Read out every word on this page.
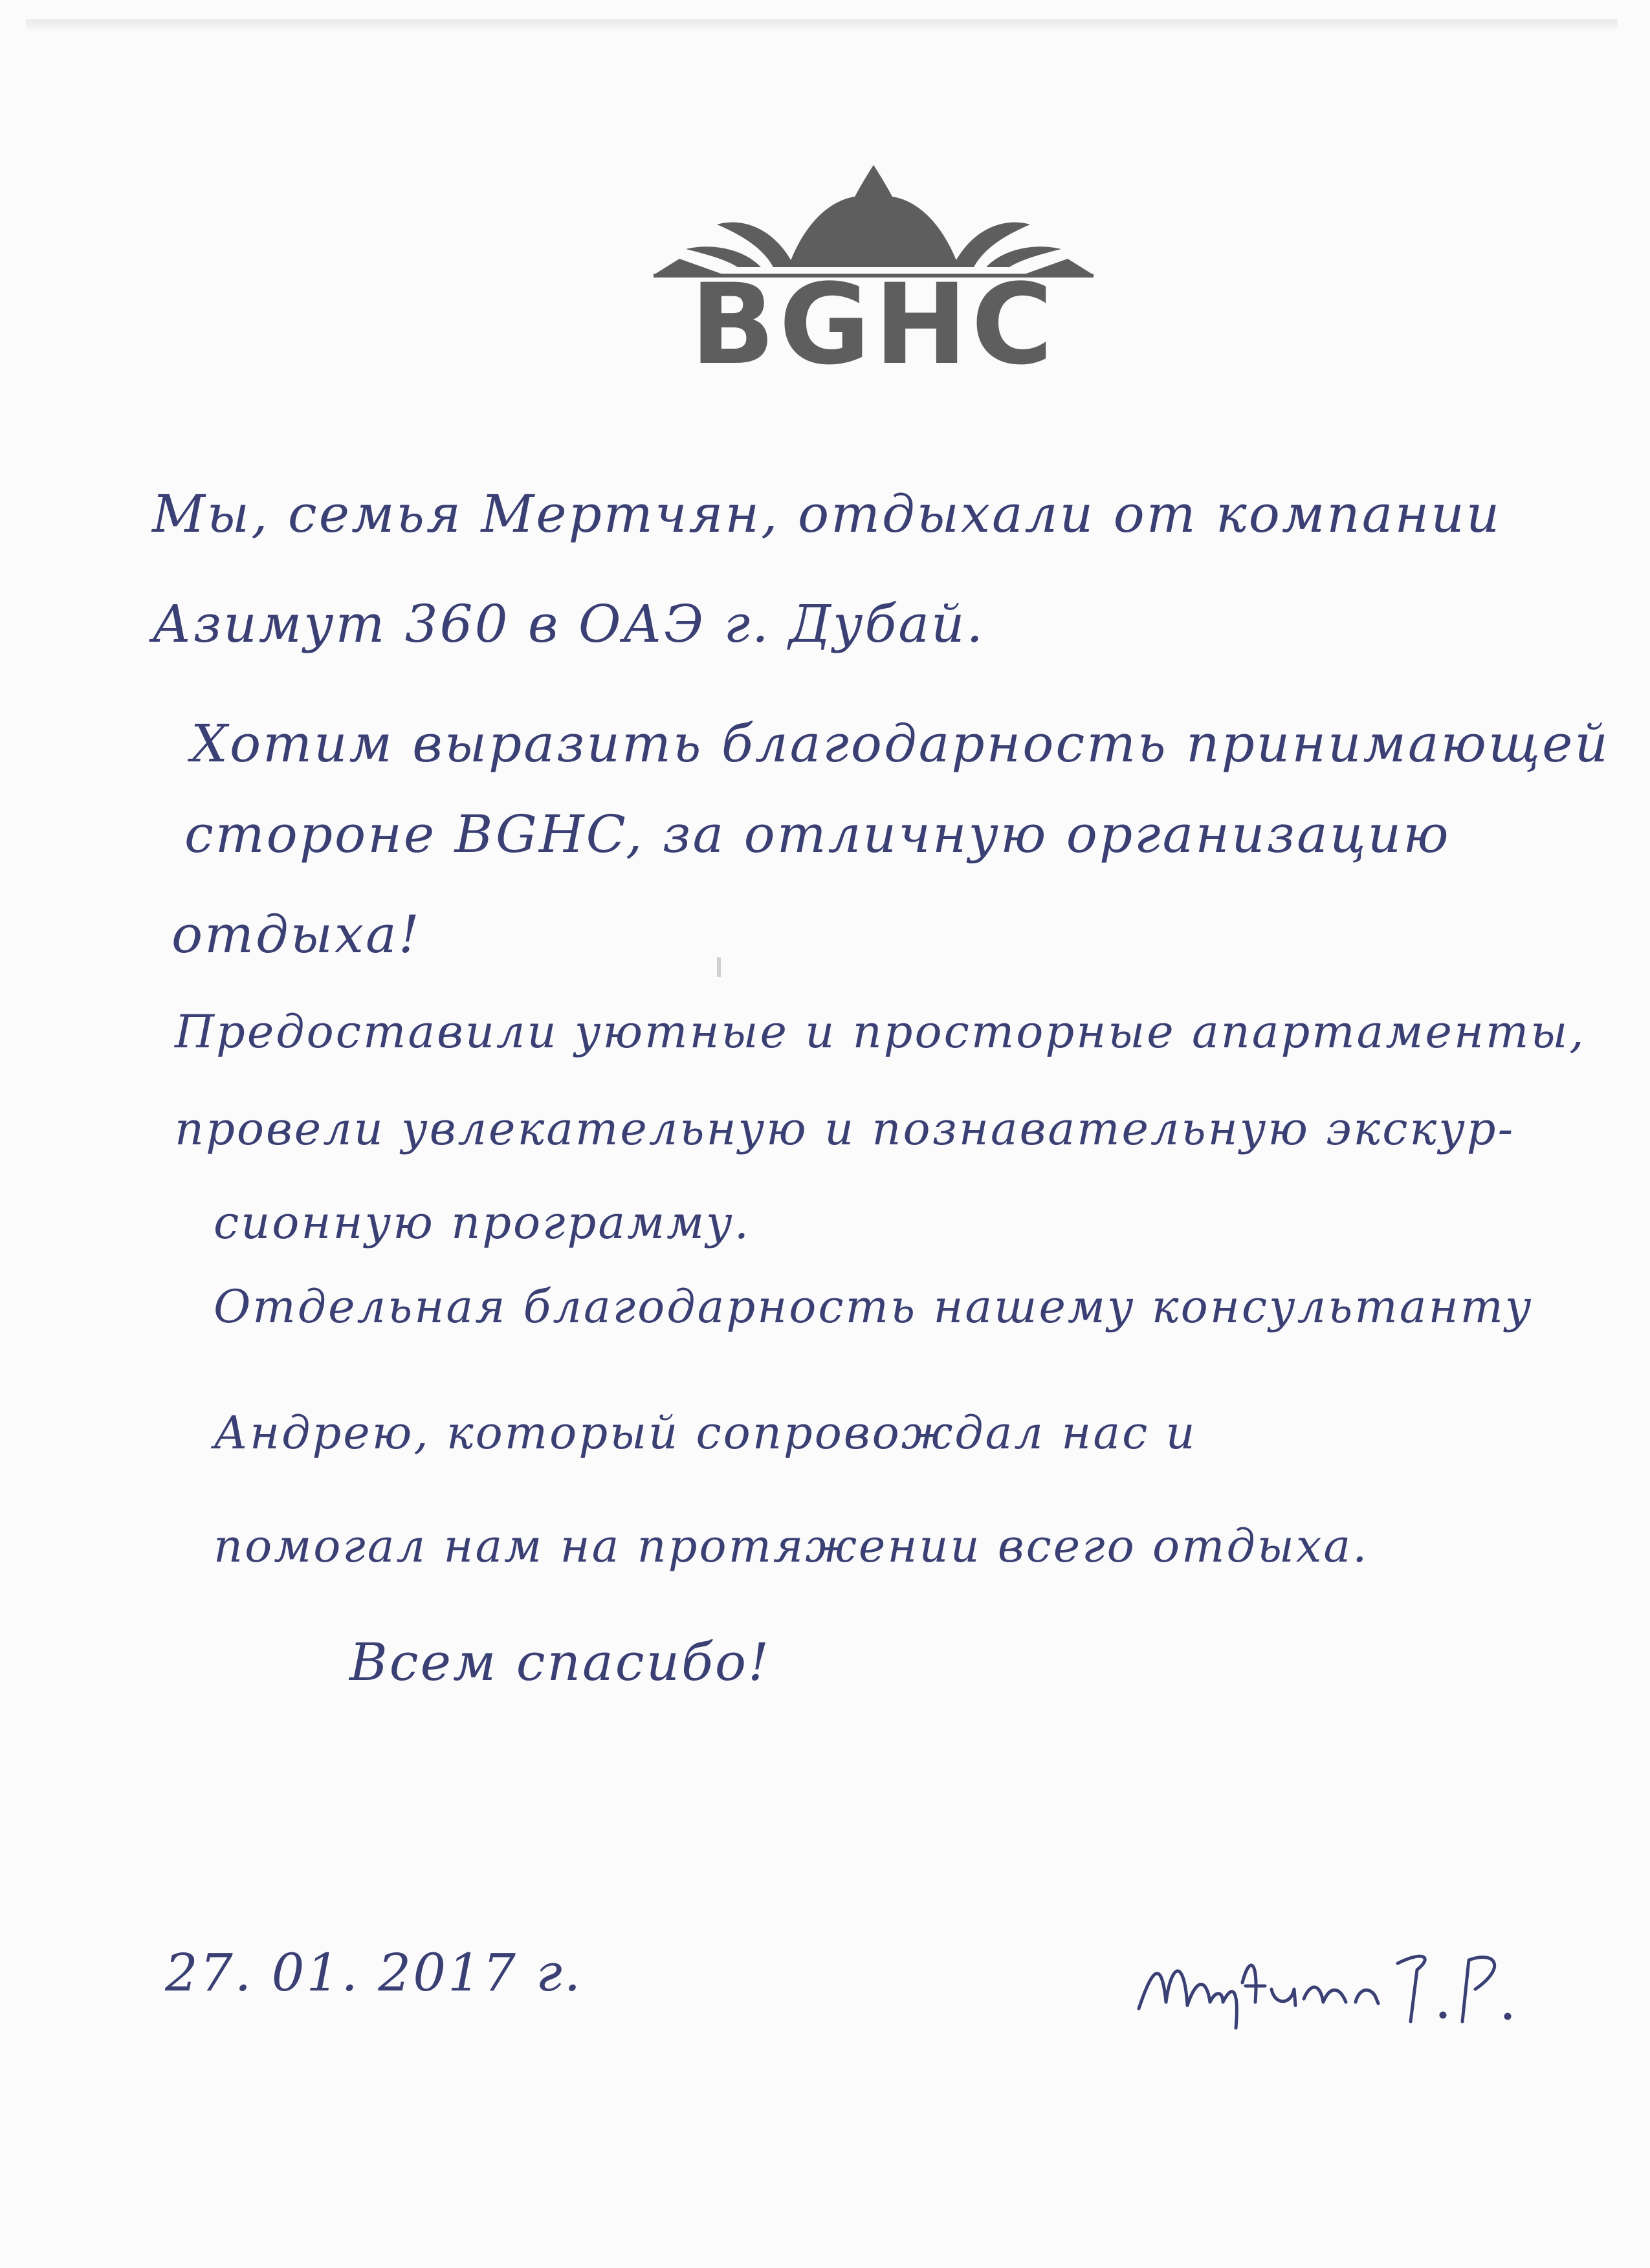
BGHC
Мы, семья Мертчян, отдыхали от компании
Азимут 360 в ОАЭ г. Дубай.
Хотим выразить благодарность принимающей
стороне BGHC, за отличную организацию
отдыха!
Предоставили уютные и просторные апартаменты,
провели увлекательную и познавательную экскур-
сионную программу.
Отдельная благодарность нашему консультанту
Андрею, который сопровождал нас и
помогал нам на протяжении всего отдыха.
Всем спасибо!
27. 01. 2017 г.
